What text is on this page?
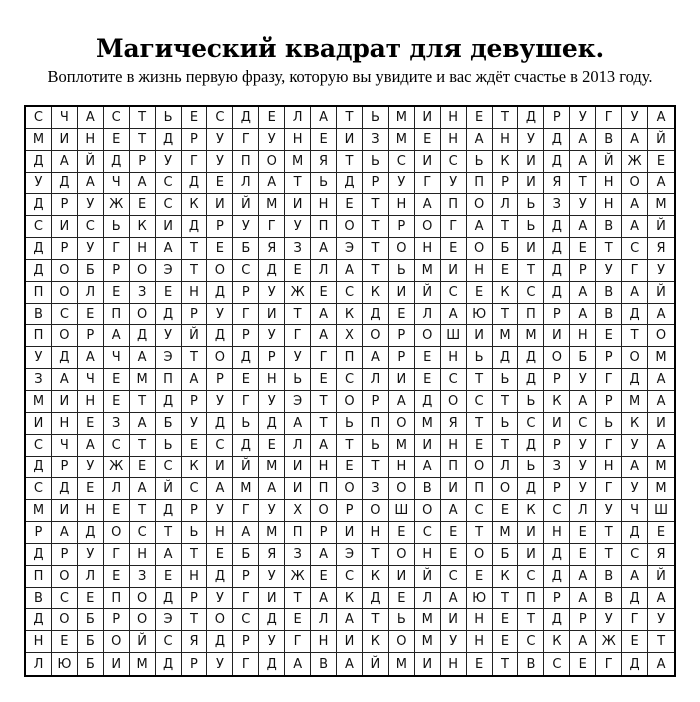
Магический квадрат для девушек.
Воплотите в жизнь первую фразу, которую вы увидите и вас ждёт счастье в 2013 году.
С	Ч	А	С	Т	Ь	Е	С	Д	Е	Л	А	Т	Ь	М	И	Н	Е	Т	Д	Р	У	Г	У	А
М	И	Н	Е	Т	Д	Р	У	Г	У	Н	Е	И	З	М	Е	Н	А	Н	У	Д	А	В	А	Й
Д	А	Й	Д	Р	У	Г	У	П	О	М	Я	Т	Ь	С	И	С	Ь	К	И	Д	А	Й	Ж	Е
У	Д	А	Ч	А	С	Д	Е	Л	А	Т	Ь	Д	Р	У	Г	У	П	Р	И	Я	Т	Н	О	А
Д	Р	У	Ж	Е	С	К	И	Й	М	И	Н	Е	Т	Н	А	П	О	Л	Ь	З	У	Н	А	М
С	И	С	Ь	К	И	Д	Р	У	Г	У	П	О	Т	Р	О	Г	А	Т	Ь	Д	А	В	А	Й
Д	Р	У	Г	Н	А	Т	Е	Б	Я	З	А	Э	Т	О	Н	Е	О	Б	И	Д	Е	Т	С	Я
Д	О	Б	Р	О	Э	Т	О	С	Д	Е	Л	А	Т	Ь	М	И	Н	Е	Т	Д	Р	У	Г	У
П	О	Л	Е	З	Е	Н	Д	Р	У	Ж	Е	С	К	И	Й	С	Е	К	С	Д	А	В	А	Й
В	С	Е	П	О	Д	Р	У	Г	И	Т	А	К	Д	Е	Л	А	Ю	Т	П	Р	А	В	Д	А
П	О	Р	А	Д	У	Й	Д	Р	У	Г	А	Х	О	Р	О	Ш	И	М	М	И	Н	Е	Т	О
У	Д	А	Ч	А	Э	Т	О	Д	Р	У	Г	П	А	Р	Е	Н	Ь	Д	Д	О	Б	Р	О	М
З	А	Ч	Е	М	П	А	Р	Е	Н	Ь	Е	С	Л	И	Е	С	Т	Ь	Д	Р	У	Г	Д	А
М	И	Н	Е	Т	Д	Р	У	Г	У	Э	Т	О	Р	А	Д	О	С	Т	Ь	К	А	Р	М	А
И	Н	Е	З	А	Б	У	Д	Ь	Д	А	Т	Ь	П	О	М	Я	Т	Ь	С	И	С	Ь	К	И
С	Ч	А	С	Т	Ь	Е	С	Д	Е	Л	А	Т	Ь	М	И	Н	Е	Т	Д	Р	У	Г	У	А
Д	Р	У	Ж	Е	С	К	И	Й	М	И	Н	Е	Т	Н	А	П	О	Л	Ь	З	У	Н	А	М
С	Д	Е	Л	А	Й	С	А	М	А	И	П	О	З	О	В	И	П	О	Д	Р	У	Г	У	М
М	И	Н	Е	Т	Д	Р	У	Г	У	Х	О	Р	О	Ш	О	А	С	Е	К	С	Л	У	Ч	Ш
Р	А	Д	О	С	Т	Ь	Н	А	М	П	Р	И	Н	Е	С	Е	Т	М	И	Н	Е	Т	Д	Е
Д	Р	У	Г	Н	А	Т	Е	Б	Я	З	А	Э	Т	О	Н	Е	О	Б	И	Д	Е	Т	С	Я
П	О	Л	Е	З	Е	Н	Д	Р	У	Ж	Е	С	К	И	Й	С	Е	К	С	Д	А	В	А	Й
В	С	Е	П	О	Д	Р	У	Г	И	Т	А	К	Д	Е	Л	А	Ю	Т	П	Р	А	В	Д	А
Д	О	Б	Р	О	Э	Т	О	С	Д	Е	Л	А	Т	Ь	М	И	Н	Е	Т	Д	Р	У	Г	У
Н	Е	Б	О	Й	С	Я	Д	Р	У	Г	Н	И	К	О	М	У	Н	Е	С	К	А	Ж	Е	Т
Л	Ю	Б	И	М	Д	Р	У	Г	Д	А	В	А	Й	М	И	Н	Е	Т	В	С	Е	Г	Д	А
